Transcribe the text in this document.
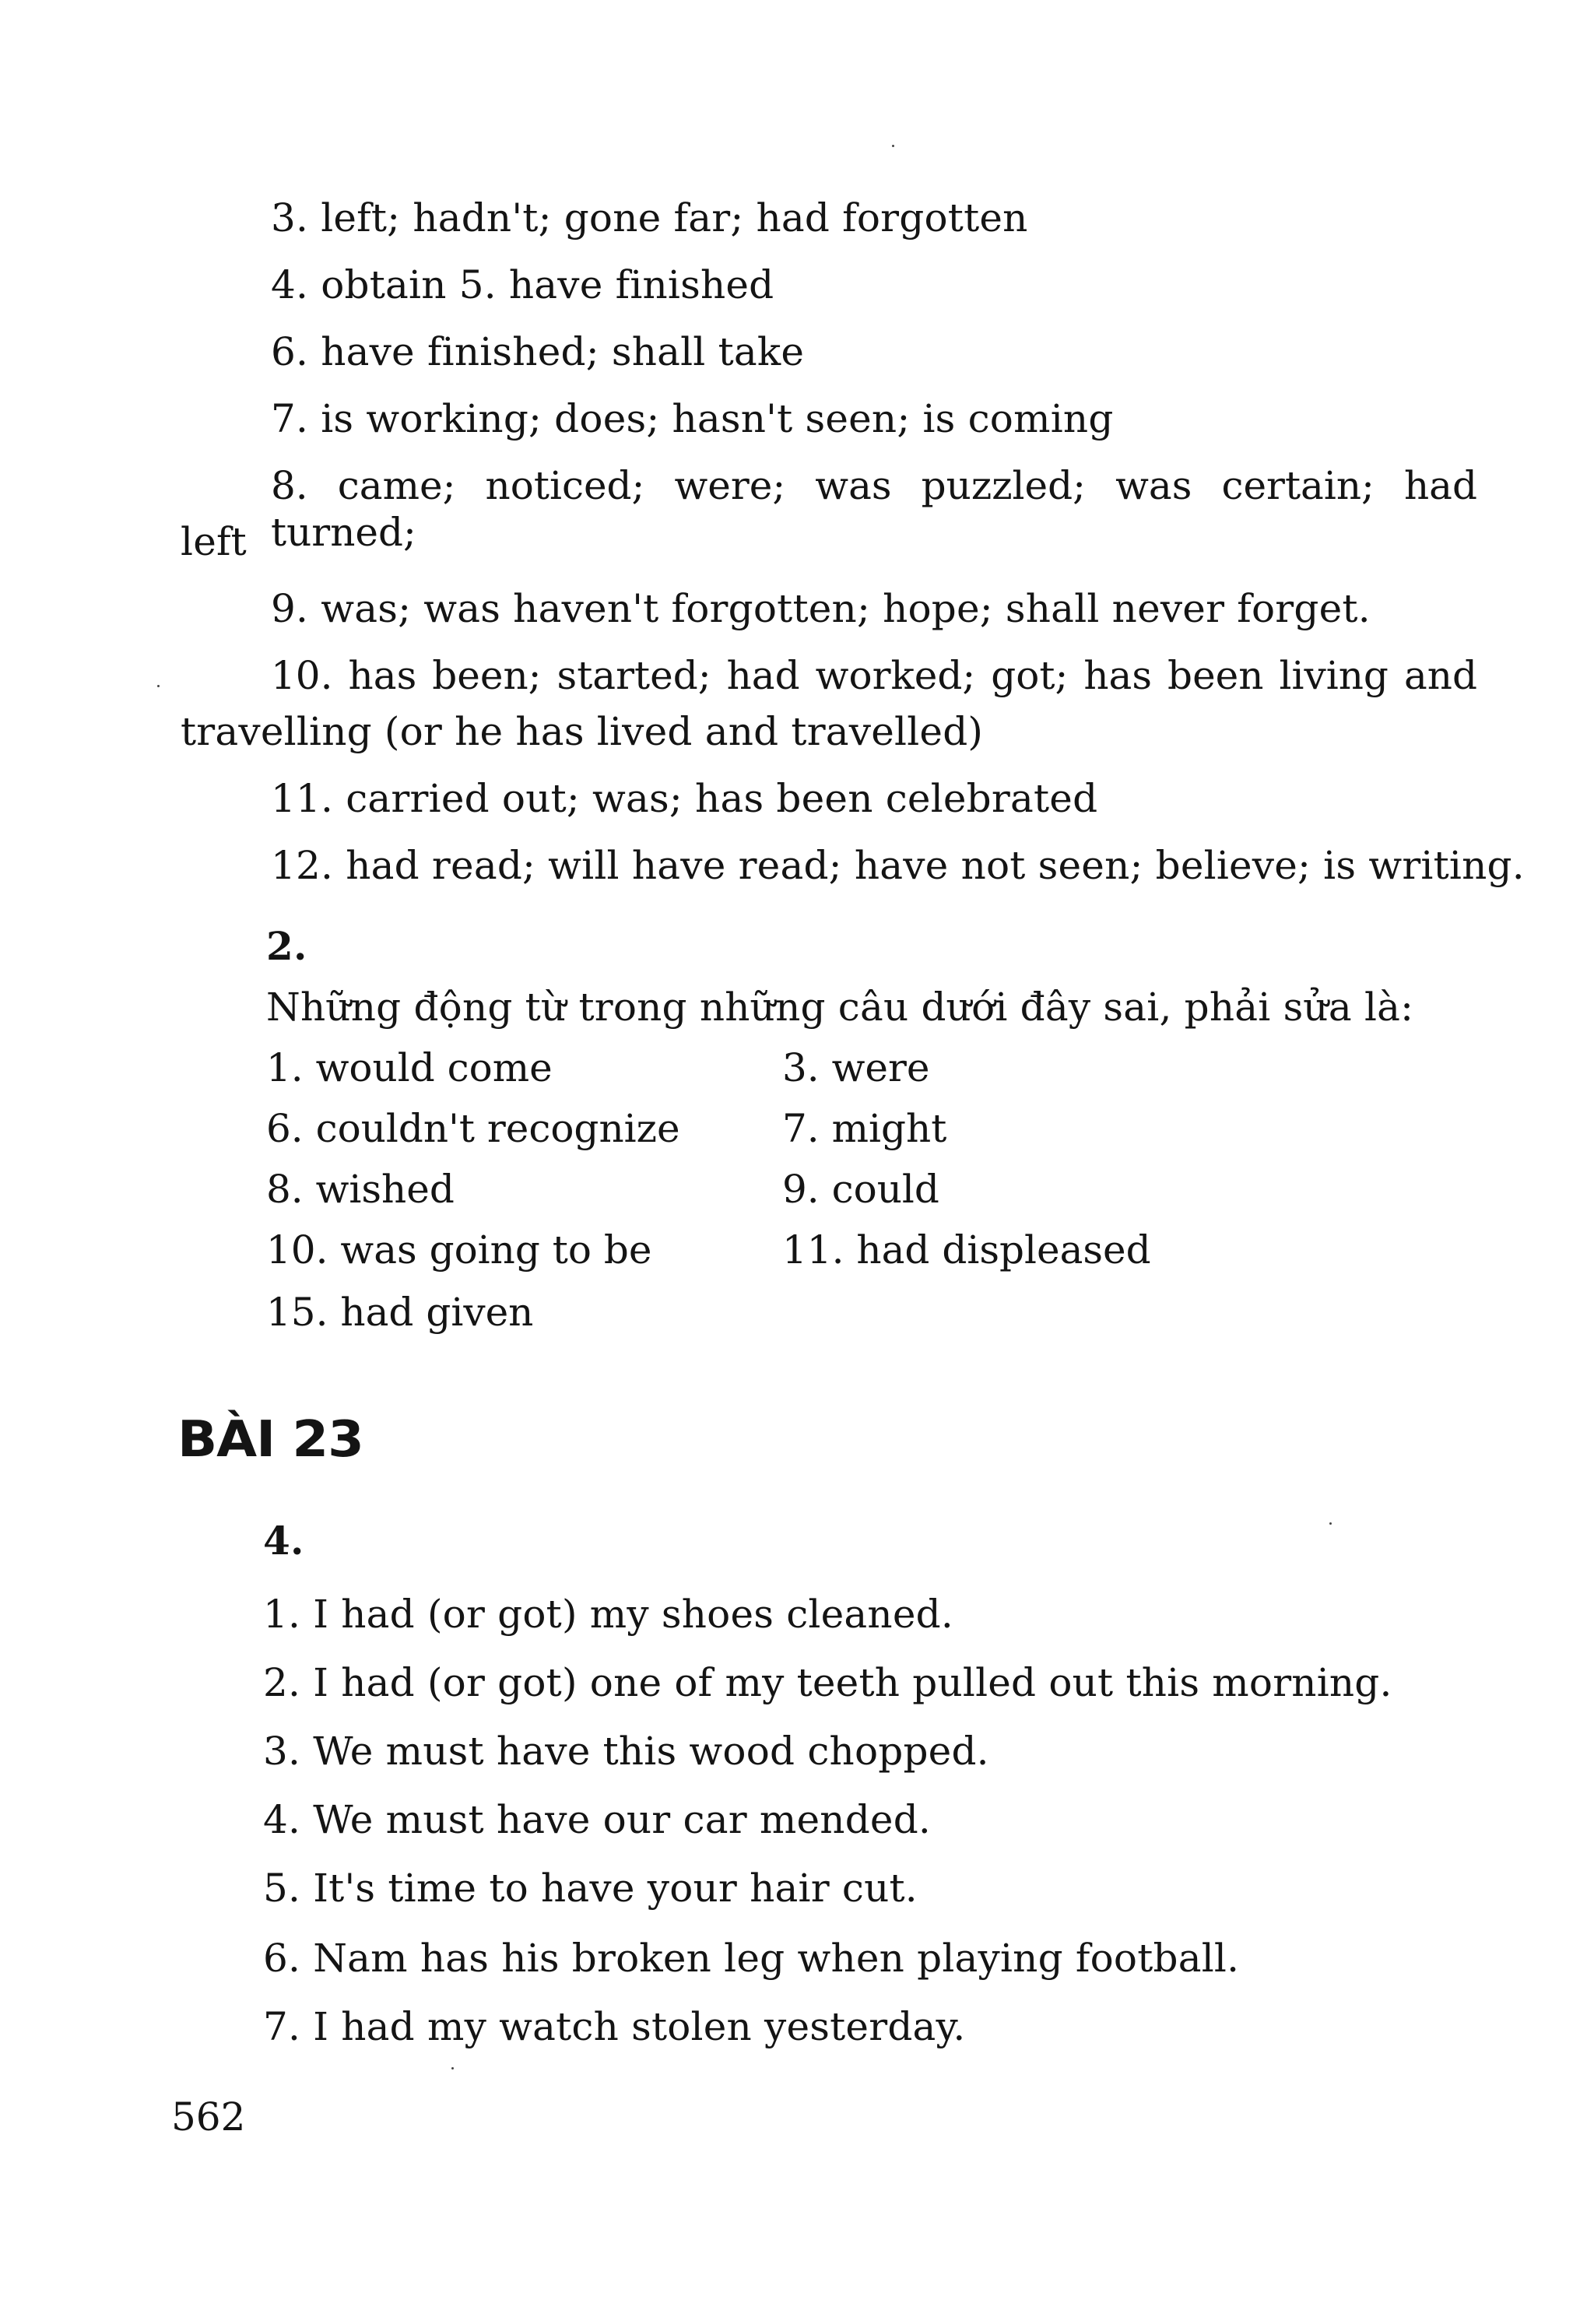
3. left; hadn't; gone far; had forgotten
4. obtain 5. have finished
6. have finished; shall take
7. is working; does; hasn't seen; is coming
8. came; noticed; were; was puzzled; was certain; had turned;
left
9. was; was haven't forgotten; hope; shall never forget.
10. has been; started; had worked; got; has been living and
travelling (or he has lived and travelled)
11. carried out; was; has been celebrated
12. had read; will have read; have not seen; believe; is writing.
2.
Những động từ trong những câu dưới đây sai, phải sửa là:
1. would come	3. were
6. couldn't recognize	7. might
8. wished	9. could
10. was going to be	11. had displeased
15. had given
BÀI 23
4.
1. I had (or got) my shoes cleaned.
2. I had (or got) one of my teeth pulled out this morning.
3. We must have this wood chopped.
4. We must have our car mended.
5. It's time to have your hair cut.
6. Nam has his broken leg when playing football.
7. I had my watch stolen yesterday.
562
